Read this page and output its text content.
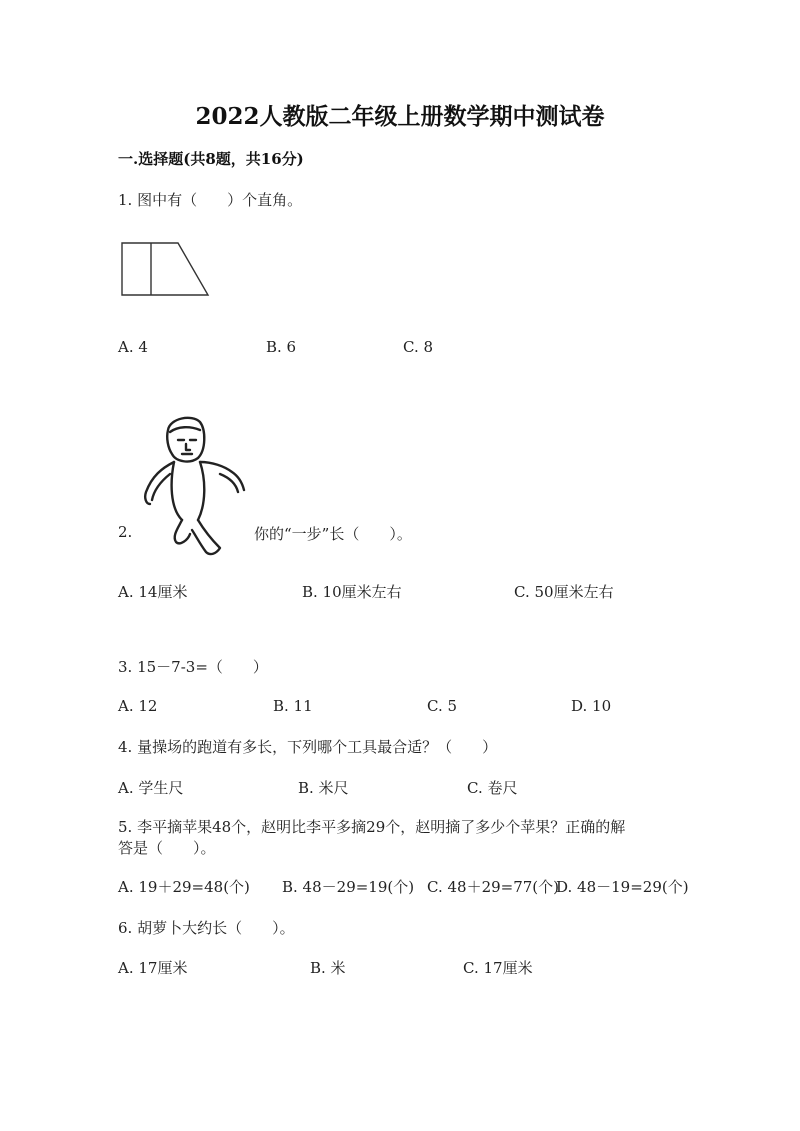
2022人教版二年级上册数学期中测试卷
一.选择题(共8题，共16分)
1. 图中有（　　）个直角。
A. 4	B. 6	C. 8
2.	你的“一步”长（　　）。
A. 14厘米	B. 10厘米左右	C. 50厘米左右
3. 15－7-3=（　　）
A. 12	B. 11	C. 5	D. 10
4. 量操场的跑道有多长，下列哪个工具最合适？（　　）
A. 学生尺	B. 米尺	C. 卷尺
5. 李平摘苹果48个，赵明比李平多摘29个，赵明摘了多少个苹果？正确的解
答是（　　）。
A. 19＋29=48(个) B. 48－29=19(个) C. 48＋29=77(个)
D. 48－19=29(个)
6. 胡萝卜大约长（　　）。
A. 17厘米	B. 米	C. 17厘米
